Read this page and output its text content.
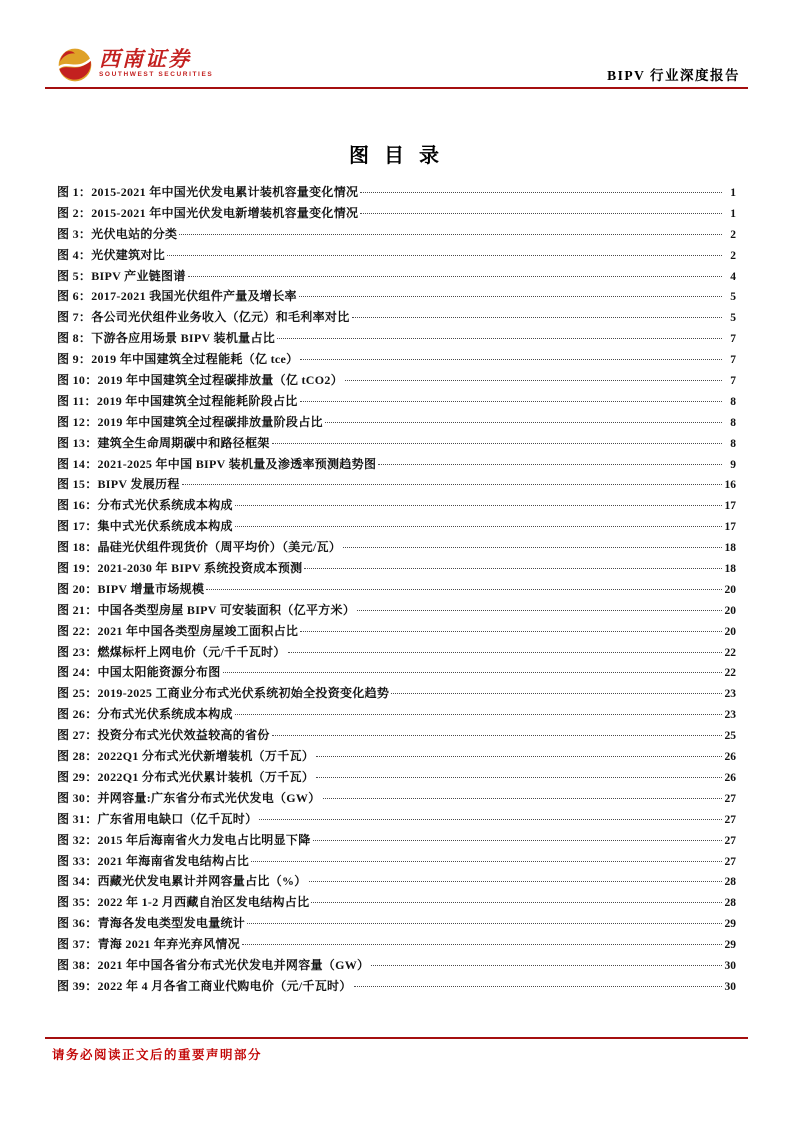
西南证券
SOUTHWEST SECURITIES	BIPV 行业深度报告
图 目 录
图 1：2015-2021 年中国光伏发电累计装机容量变化情况	1
图 2：2015-2021 年中国光伏发电新增装机容量变化情况	1
图 3：光伏电站的分类	2
图 4：光伏建筑对比	2
图 5：BIPV 产业链图谱	4
图 6：2017-2021 我国光伏组件产量及增长率	5
图 7：各公司光伏组件业务收入（亿元）和毛利率对比	5
图 8：下游各应用场景 BIPV 装机量占比	7
图 9：2019 年中国建筑全过程能耗（亿 tce）	7
图 10：2019 年中国建筑全过程碳排放量（亿 tCO2）	7
图 11：2019 年中国建筑全过程能耗阶段占比	8
图 12：2019 年中国建筑全过程碳排放量阶段占比	8
图 13：建筑全生命周期碳中和路径框架	8
图 14：2021-2025 年中国 BIPV 装机量及渗透率预测趋势图	9
图 15：BIPV 发展历程	16
图 16：分布式光伏系统成本构成	17
图 17：集中式光伏系统成本构成	17
图 18：晶硅光伏组件现货价（周平均价）（美元/瓦）	18
图 19：2021-2030 年 BIPV 系统投资成本预测	18
图 20：BIPV 增量市场规模	20
图 21：中国各类型房屋 BIPV 可安装面积（亿平方米）	20
图 22：2021 年中国各类型房屋竣工面积占比	20
图 23：燃煤标杆上网电价（元/千千瓦时）	22
图 24：中国太阳能资源分布图	22
图 25：2019-2025 工商业分布式光伏系统初始全投资变化趋势	23
图 26：分布式光伏系统成本构成	23
图 27：投资分布式光伏效益较高的省份	25
图 28：2022Q1 分布式光伏新增装机（万千瓦）	26
图 29：2022Q1 分布式光伏累计装机（万千瓦）	26
图 30：并网容量:广东省分布式光伏发电（GW）	27
图 31：广东省用电缺口（亿千瓦时）	27
图 32：2015 年后海南省火力发电占比明显下降	27
图 33：2021 年海南省发电结构占比	27
图 34：西藏光伏发电累计并网容量占比（%）	28
图 35：2022 年 1-2 月西藏自治区发电结构占比	28
图 36：青海各发电类型发电量统计	29
图 37：青海 2021 年弃光弃风情况	29
图 38：2021 年中国各省分布式光伏发电并网容量（GW）	30
图 39：2022 年 4 月各省工商业代购电价（元/千瓦时）	30
请务必阅读正文后的重要声明部分
